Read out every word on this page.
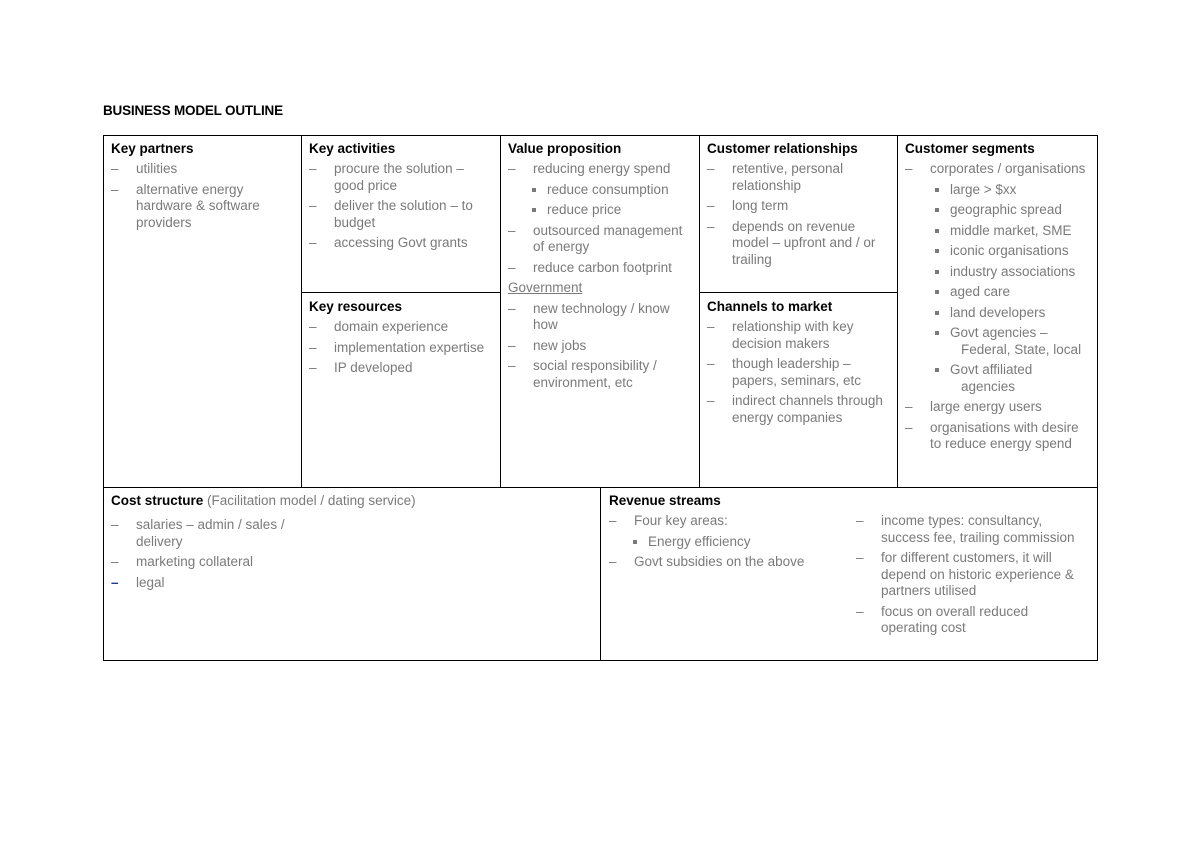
BUSINESS MODEL OUTLINE
Key partners
– utilities
– alternative energy hardware & software providers
Key activities
– procure the solution – good price
– deliver the solution – to budget
– accessing Govt grants
Key resources
– domain experience
– implementation expertise
– IP developed
Value proposition
– reducing energy spend
reduce consumption
reduce price
– outsourced management of energy
– reduce carbon footprint
Government
– new technology / know how
– new jobs
– social responsibility / environment, etc
Customer relationships
– retentive, personal relationship
– long term
– depends on revenue model – upfront and / or trailing
Channels to market
– relationship with key decision makers
– though leadership – papers, seminars, etc
– indirect channels through energy companies
Customer segments
– corporates / organisations
large > $xx
geographic spread
middle market, SME
iconic organisations
industry associations
aged care
land developers
Govt agencies –
Federal, State, local
Govt affiliated
agencies
– large energy users
– organisations with desire to reduce energy spend
Cost structure (Facilitation model / dating service)
– salaries – admin / sales / delivery
– marketing collateral
– legal
Revenue streams
– Four key areas:
Energy efficiency
– Govt subsidies on the above
– income types: consultancy, success fee, trailing commission
– for different customers, it will depend on historic experience & partners utilised
– focus on overall reduced operating cost
